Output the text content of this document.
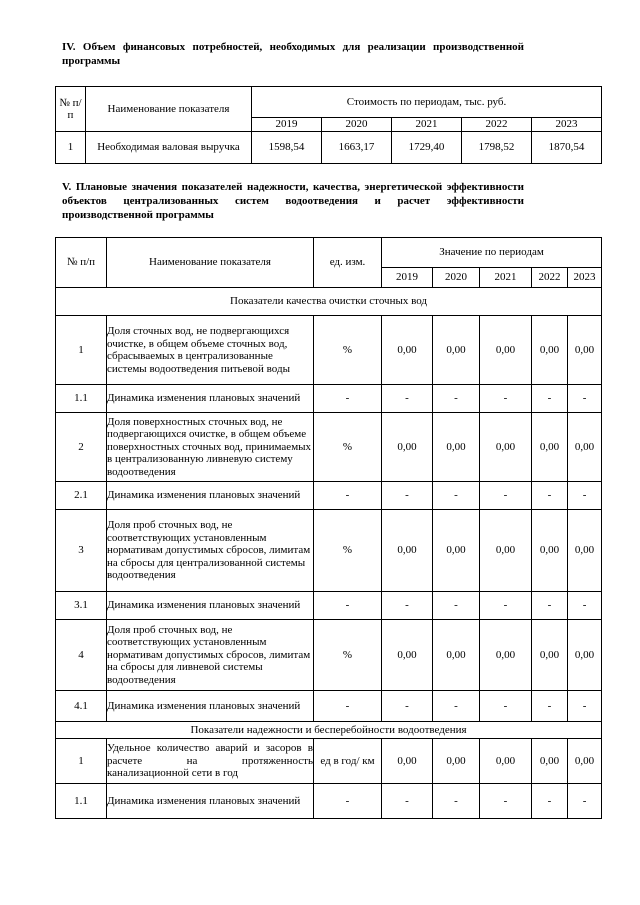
IV. Объем финансовых потребностей, необходимых для реализации производственной программы
№ п/п	Наименование показателя	Стоимость по периодам, тыс. руб.				
		2019	2020	2021	2022	2023
1	Необходимая валовая выручка	1598,54	1663,17	1729,40	1798,52	1870,54
V. Плановые значения показателей надежности, качества, энергетической эффективности объектов централизованных систем водоотведения и расчет эффективности производственной программы
№ п/п	Наименование показателя	ед. изм.	Значение по периодам				
			2019	2020	2021	2022	2023
Показатели качества очистки сточных вод							
1	Доля сточных вод, не подвергающихся очистке, в общем объеме сточных вод, сбрасываемых в централизованные системы водоотведения питьевой воды	%	0,00	0,00	0,00	0,00	0,00
1.1	Динамика изменения плановых значений	-	-	-	-	-	-
2	Доля поверхностных сточных вод, не подвергающихся очистке, в общем объеме поверхностных сточных вод, принимаемых в централизованную ливневую систему водоотведения	%	0,00	0,00	0,00	0,00	0,00
2.1	Динамика изменения плановых значений	-	-	-	-	-	-
3	Доля проб сточных вод, не соответствующих установленным нормативам допустимых сбросов, лимитам на сбросы для централизованной системы водоотведения	%	0,00	0,00	0,00	0,00	0,00
3.1	Динамика изменения плановых значений	-	-	-	-	-	-
4	Доля проб сточных вод, не соответствующих установленным нормативам допустимых сбросов, лимитам на сбросы для ливневой системы водоотведения	%	0,00	0,00	0,00	0,00	0,00
4.1	Динамика изменения плановых значений	-	-	-	-	-	-
Показатели надежности и бесперебойности водоотведения							
1	Удельное количество аварий и засоров в расчете на протяженность канализационной сети в год	ед в год/ км	0,00	0,00	0,00	0,00	0,00
1.1	Динамика изменения плановых значений	-	-	-	-	-	-
